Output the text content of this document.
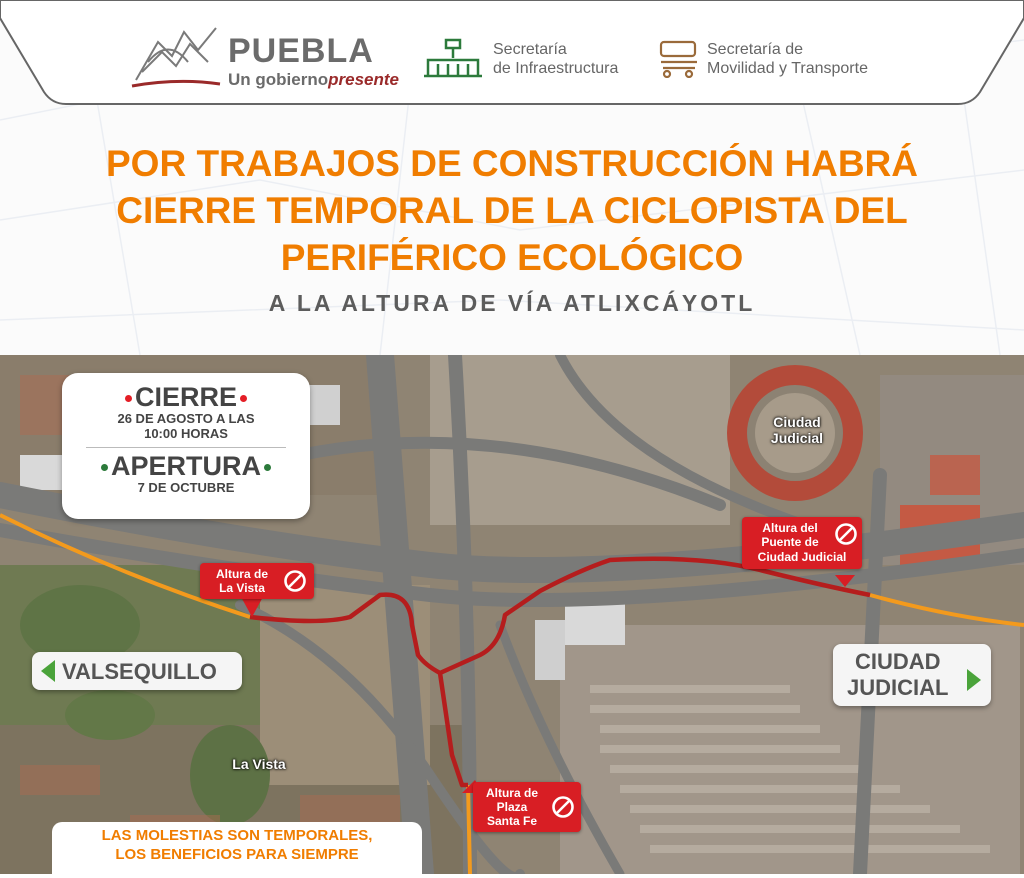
PUEBLA
Un gobiernopresente
Secretaría
de Infraestructura
Secretaría de
Movilidad y Transporte
POR TRABAJOS DE CONSTRUCCIÓN HABRÁ
CIERRE TEMPORAL DE LA CICLOPISTA DEL
PERIFÉRICO ECOLÓGICO
A LA ALTURA DE VÍA ATLIXCÁYOTL
Ciudad
Judicial
La Vista
CIERRE
26 DE AGOSTO A LAS
10:00 HORAS
APERTURA
7 DE OCTUBRE
VALSEQUILLO	CIUDAD
JUDICIAL
Altura de
La Vista
Altura del
Puente de
Ciudad Judicial
Altura de
Plaza
Santa Fe
LAS MOLESTIAS SON TEMPORALES,
LOS BENEFICIOS PARA SIEMPRE
